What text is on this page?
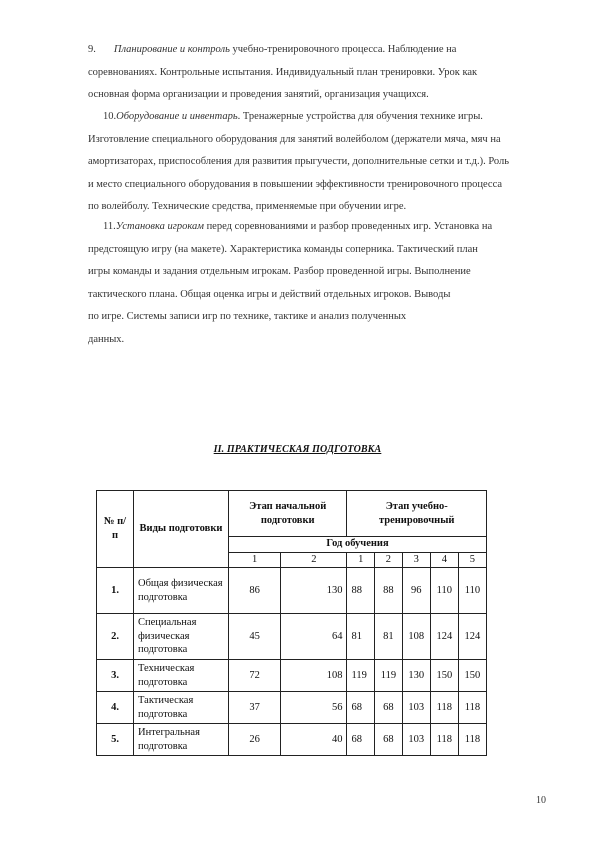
9. Планирование и контроль учебно-тренировочного процесса. Наблюдение на
соревнованиях. Контрольные испытания. Индивидуальный план тренировки. Урок как
основная форма организации и проведения занятий, организация учащихся.
10.Оборудование и инвентарь. Тренажерные устройства для обучения технике игры.
Изготовление специального оборудования для занятий волейболом (держатели мяча, мяч на
амортизаторах, приспособления для развития прыгучести, дополнительные сетки и т.д.). Роль
и место специального оборудования в повышении эффективности тренировочного процесса
по волейболу. Технические средства, применяемые при обучении игре.
11.Установка игрокам перед соревнованиями и разбор проведенных игр. Установка на
предстоящую игру (на макете). Характеристика команды соперника. Тактический план
игры команды и задания отдельным игрокам. Разбор проведенной игры. Выполнение
тактического плана. Общая оценка игры и действий отдельных игроков. Выводы
по игре. Системы записи игр по технике, тактике и анализ полученных
данных.
II. ПРАКТИЧЕСКАЯ ПОДГОТОВКА
№ п/п	Виды подготовки	Этап начальной подготовки		Этап учебно-тренировочный				
		Год обучения						
		1	2	1	2	3	4	5
1.	Общая физическая подготовка	86	130	88	88	96	110	110
2.	Специальная физическая подготовка	45	64	81	81	108	124	124
3.	Техническая подготовка	72	108	119	119	130	150	150
4.	Тактическая подготовка	37	56	68	68	103	118	118
5.	Интегральная подготовка	26	40	68	68	103	118	118
10
